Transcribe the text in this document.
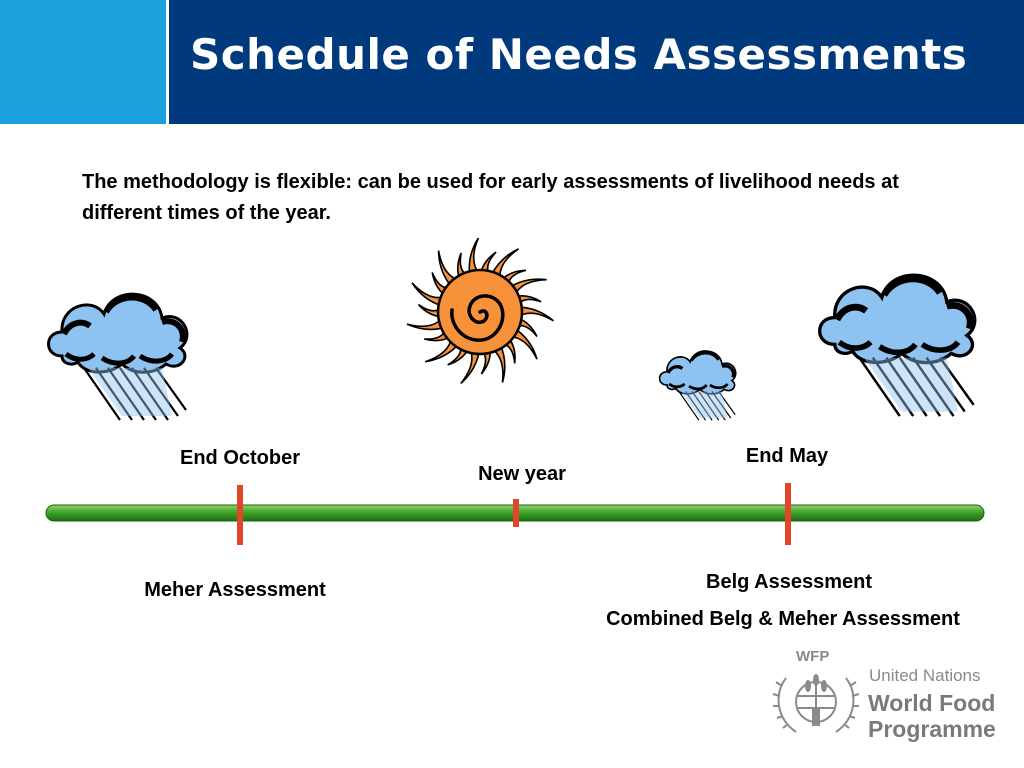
Schedule of Needs Assessments
The methodology is flexible: can be used for early assessments of livelihood needs at different times of the year.
End October
New year
End May
Meher Assessment	Belg Assessment
Combined Belg & Meher Assessment
WFP
United Nations
World Food
Programme
